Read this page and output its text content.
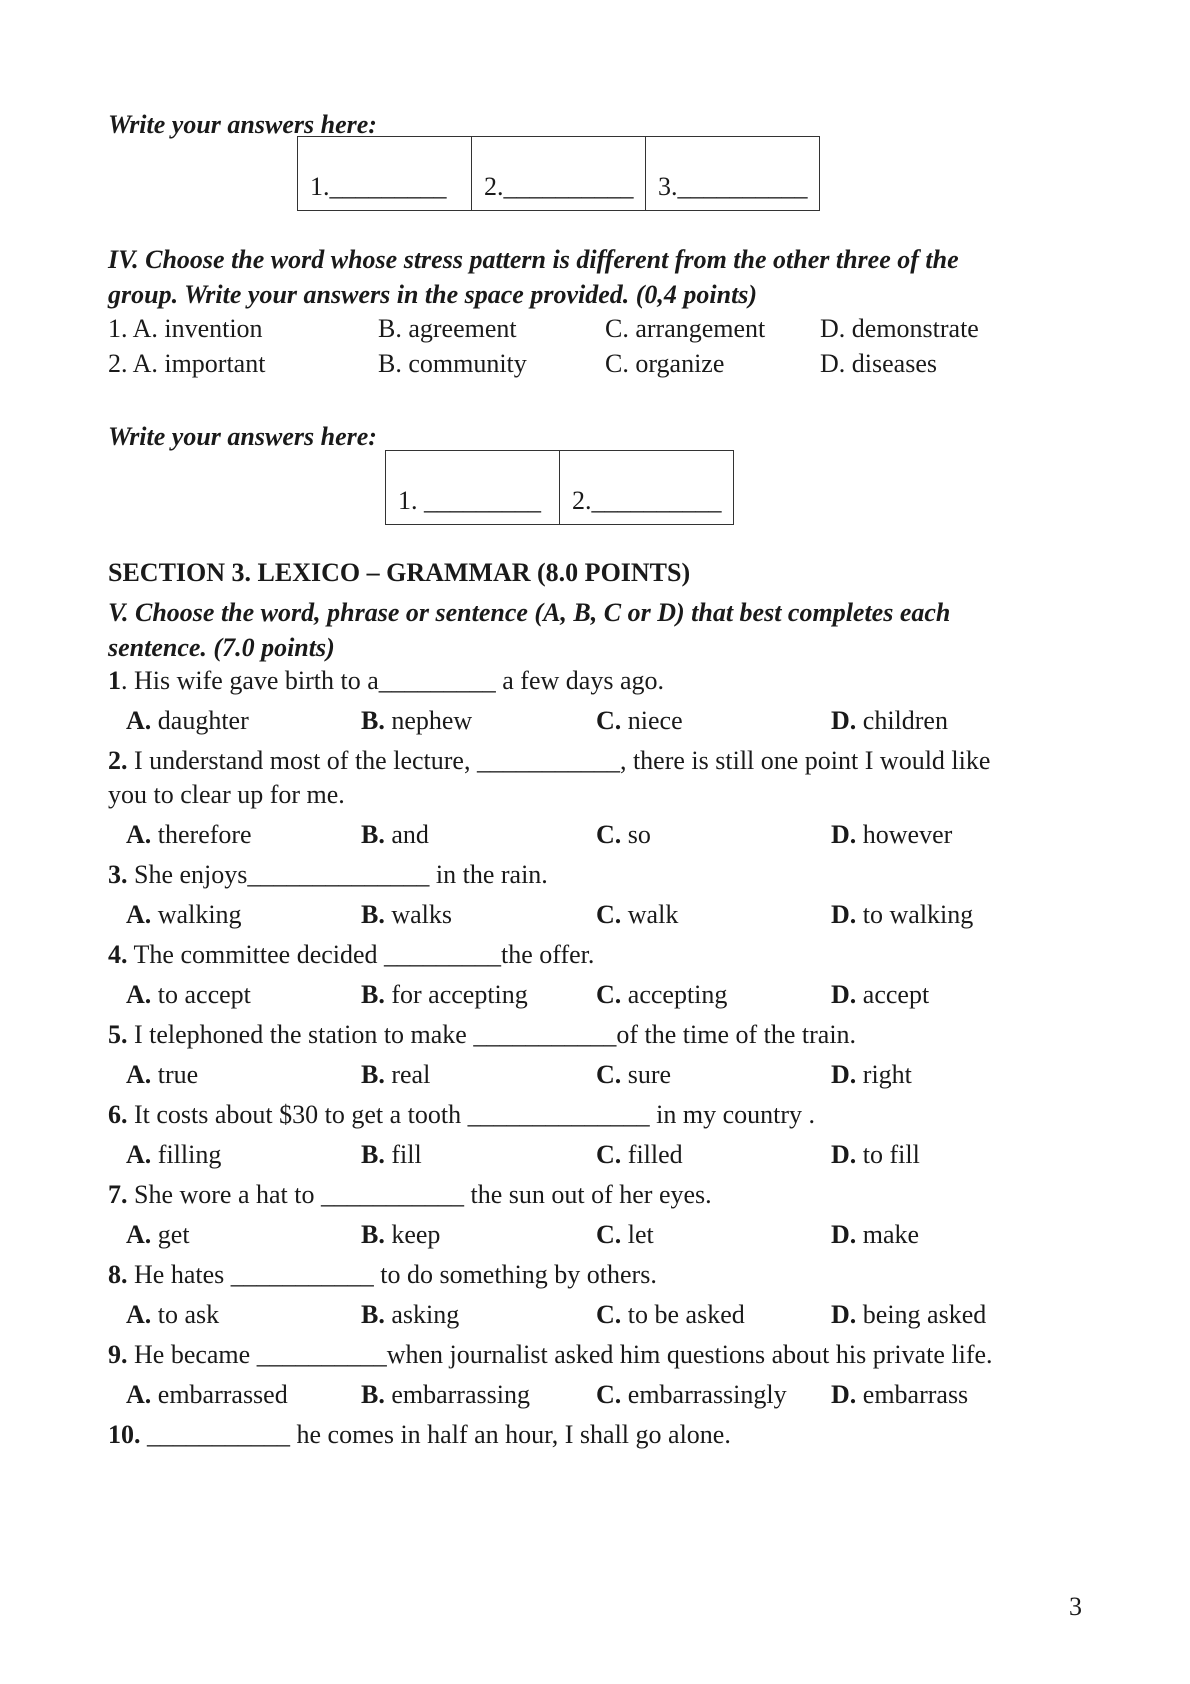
Write your answers here:
1._________	2.__________	3.__________
IV. Choose the word whose stress pattern is different from the other three of the
group. Write your answers in the space provided. (0,4 points)
1. A. invention	B. agreement	C. arrangement D. demonstrate
2. A. important	B. community	C. organize	D. diseases
Write your answers here:
1. _________	2.__________
SECTION 3. LEXICO – GRAMMAR (8.0 POINTS)
V. Choose the word, phrase or sentence (A, B, C or D) that best completes each
sentence. (7.0 points)
1. His wife gave birth to a_________ a few days ago.
A. daughter	B. nephew	C. niece	D. children
2. I understand most of the lecture, ___________, there is still one point I would like
you to clear up for me.
A. therefore	B. and	C. so	D. however
3. She enjoys______________ in the rain.
A. walking	B. walks	C. walk	D. to walking
4. The committee decided _________the offer.
A. to accept	B. for accepting	C. accepting	D. accept
5. I telephoned the station to make ___________of the time of the train.
A. true	B. real	C. sure	D. right
6. It costs about $30 to get a tooth ______________ in my country .
A. filling	B. fill	C. filled	D. to fill
7. She wore a hat to ___________ the sun out of her eyes.
A. get	B. keep	C. let	D. make
8. He hates ___________ to do something by others.
A. to ask	B. asking	C. to be asked	D. being asked
9. He became __________when journalist asked him questions about his private life.
A. embarrassed	B. embarrassing	C. embarrassingly D. embarrass
10. ___________ he comes in half an hour, I shall go alone.
3
